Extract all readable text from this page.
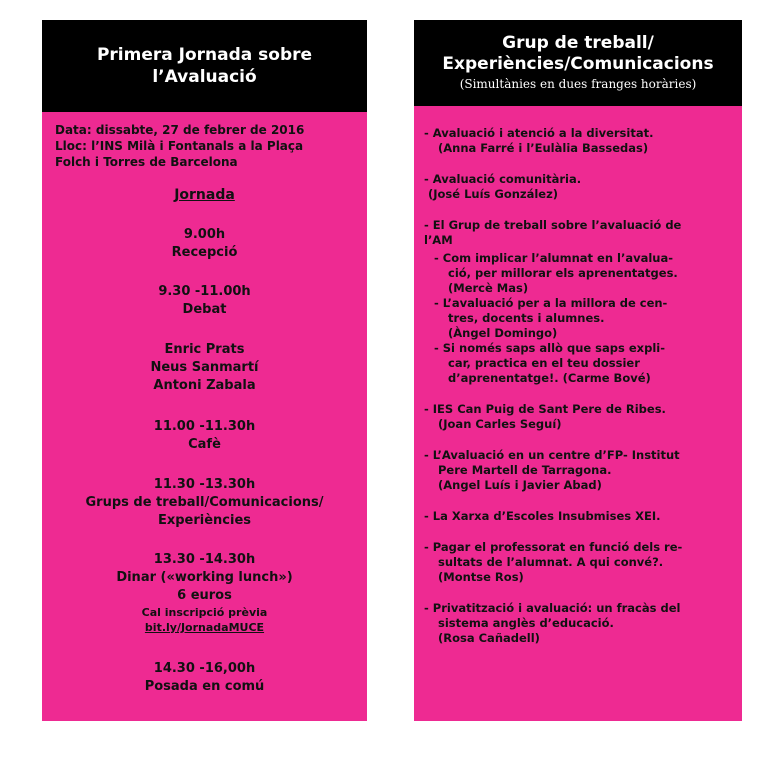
Primera Jornada sobre
l’Avaluació
Data: dissabte, 27 de febrer de 2016
Lloc: l’INS Milà i Fontanals a la Plaça
Folch i Torres de Barcelona
Jornada
9.00h
Recepció
9.30 -11.00h
Debat
Enric Prats
Neus Sanmartí
Antoni Zabala
11.00 -11.30h
Cafè
11.30 -13.30h
Grups de treball/Comunicacions/
Experiències
13.30 -14.30h
Dinar («working lunch»)
6 euros
Cal inscripció prèvia
bit.ly/JornadaMUCE
14.30 -16,00h
Posada en comú
Grup de treball/
Experiències/Comunicacions
(Simultànies en dues franges horàries)
- Avaluació i atenció a la diversitat.
(Anna Farré i l’Eulàlia Bassedas)
- Avaluació comunitària.
(José Luís González)
- El Grup de treball sobre l’avaluació de
l’AM
- Com implicar l’alumnat en l’avalua-
ció, per millorar els aprenentatges.
(Mercè Mas)
- L’avaluació per a la millora de cen-
tres, docents i alumnes.
(Àngel Domingo)
- Si només saps allò que saps expli-
car, practica en el teu dossier
d’aprenentatge!. (Carme Bové)
- IES Can Puig de Sant Pere de Ribes.
(Joan Carles Seguí)
- L’Avaluació en un centre d’FP- Institut
Pere Martell de Tarragona.
(Angel Luís i Javier Abad)
- La Xarxa d’Escoles Insubmises XEI.
- Pagar el professorat en funció dels re-
sultats de l’alumnat. A qui convé?.
(Montse Ros)
- Privatització i avaluació: un fracàs del
sistema anglès d’educació.
(Rosa Cañadell)
